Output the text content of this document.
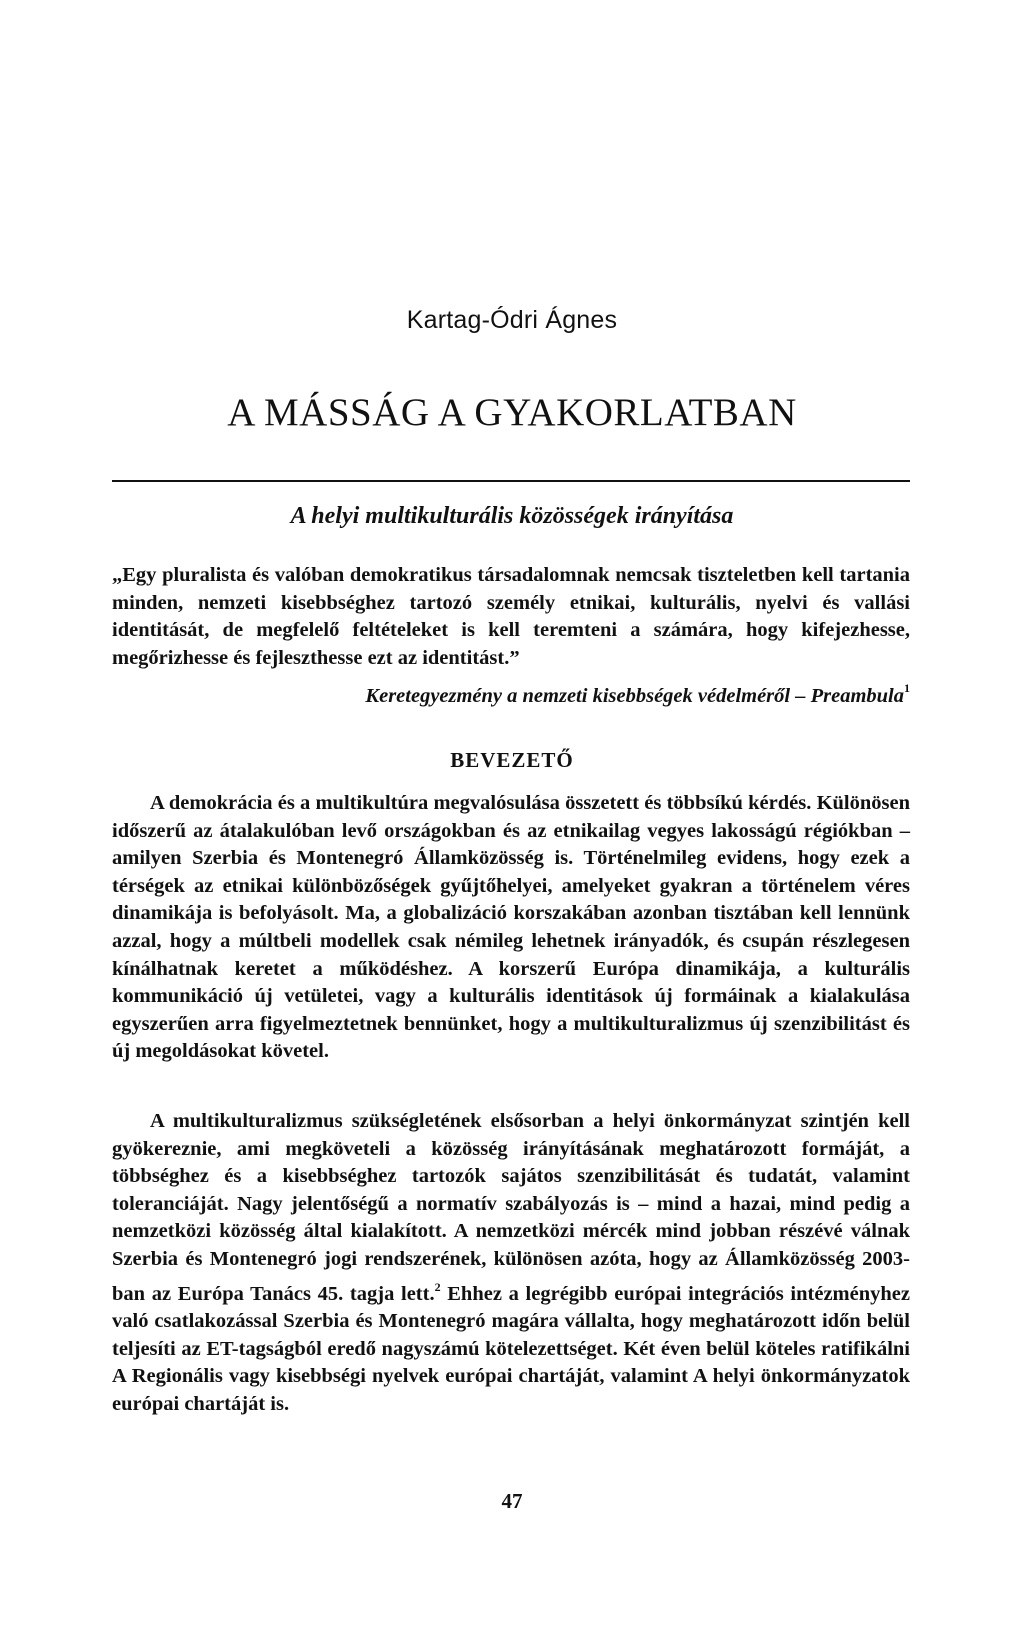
Kartag-Ódri Ágnes
A MÁSSÁG A GYAKORLATBAN
A helyi multikulturális közösségek irányítása
„Egy pluralista és valóban demokratikus társadalomnak nemcsak tiszteletben kell tartania minden, nemzeti kisebbséghez tartozó személy etnikai, kulturális, nyelvi és vallási identitását, de megfelelő feltételeket is kell teremteni a számára, hogy kifejezhesse, megőrizhesse és fejleszthesse ezt az identitást.”
Keretegyezmény a nemzeti kisebbségek védelméről – Preambula$^1$
BEVEZETŐ
A demokrácia és a multikultúra megvalósulása összetett és többsíkú kérdés. Különösen időszerű az átalakulóban levő országokban és az etnikailag vegyes lakosságú régiókban – amilyen Szerbia és Montenegró Államközösség is. Történelmileg evidens, hogy ezek a térségek az etnikai különbözőségek gyűjtőhelyei, amelyeket gyakran a történelem véres dinamikája is befolyásolt. Ma, a globalizáció korszakában azonban tisztában kell lennünk azzal, hogy a múltbeli modellek csak némileg lehetnek irányadók, és csupán részlegesen kínálhatnak keretet a működéshez. A korszerű Európa dinamikája, a kulturális kommunikáció új vetületei, vagy a kulturális identitások új formáinak a kialakulása egyszerűen arra figyelmeztetnek bennünket, hogy a multikulturalizmus új szenzibilitást és új megoldásokat követel.
A multikulturalizmus szükségletének elsősorban a helyi önkormányzat szintjén kell gyökereznie, ami megköveteli a közösség irányításának meghatározott formáját, a többséghez és a kisebbséghez tartozók sajátos szenzibilitását és tudatát, valamint toleranciáját. Nagy jelentőségű a normatív szabályozás is – mind a hazai, mind pedig a nemzetközi közösség által kialakított. A nemzetközi mércék mind jobban részévé válnak Szerbia és Montenegró jogi rendszerének, különösen azóta, hogy az Államközösség 2003-ban az Európa Tanács 45. tagja lett.$^2$ Ehhez a legrégibb európai integrációs intézményhez való csatlakozással Szerbia és Montenegró magára vállalta, hogy meghatározott időn belül teljesíti az ET-tagságból eredő nagyszámú kötelezettséget. Két éven belül köteles ratifikálni A Regionális vagy kisebbségi nyelvek európai chartáját, valamint A helyi önkormányzatok európai chartáját is.
47
